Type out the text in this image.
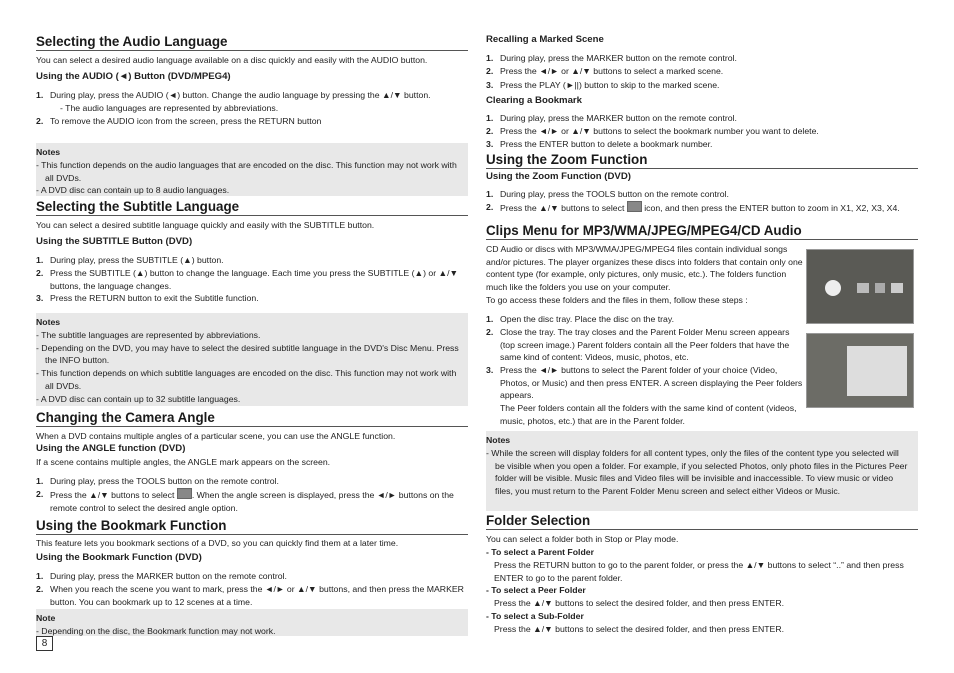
Selecting the Audio Language
You can select a desired audio language available on a disc quickly and easily with the AUDIO button.
Using the AUDIO (◄) Button (DVD/MPEG4)
1. During play, press the AUDIO (◄) button. Change the audio language by pressing the ▲/▼ button.
- The audio languages are represented by abbreviations.
2. To remove the AUDIO icon from the screen, press the RETURN button
Notes
- This function depends on the audio languages that are encoded on the disc. This function may not work with all DVDs.
- A DVD disc can contain up to 8 audio languages.
Selecting the Subtitle Language
You can select a desired subtitle language quickly and easily with the SUBTITLE button.
Using the SUBTITLE Button (DVD)
1. During play, press the SUBTITLE (▲) button.
2. Press the SUBTITLE (▲) button to change the language. Each time you press the SUBTITLE (▲) or ▲/▼ buttons, the language changes.
3. Press the RETURN button to exit the Subtitle function.
Notes
- The subtitle languages are represented by abbreviations.
- Depending on the DVD, you may have to select the desired subtitle language in the DVD's Disc Menu. Press the INFO button.
- This function depends on which subtitle languages are encoded on the disc. This function may not work with all DVDs.
- A DVD disc can contain up to 32 subtitle languages.
Changing the Camera Angle
When a DVD contains multiple angles of a particular scene, you can use the ANGLE function.
Using the ANGLE function (DVD)
If a scene contains multiple angles, the ANGLE mark appears on the screen.
1. During play, press the TOOLS button on the remote control.
2. Press the ▲/▼ buttons to select . When the angle screen is displayed, press the ◄/► buttons on the remote control to select the desired angle option.
Using the Bookmark Function
This feature lets you bookmark sections of a DVD, so you can quickly find them at a later time.
Using the Bookmark Function (DVD)
1. During play, press the MARKER button on the remote control.
2. When you reach the scene you want to mark, press the ◄/► or ▲/▼ buttons, and then press the MARKER button. You can bookmark up to 12 scenes at a time.
Note
- Depending on the disc, the Bookmark function may not work.
8
Recalling a Marked Scene
1. During play, press the MARKER button on the remote control.
2. Press the ◄/► or ▲/▼ buttons to select a marked scene.
3. Press the PLAY (►||) button to skip to the marked scene.
Clearing a Bookmark
1. During play, press the MARKER button on the remote control.
2. Press the ◄/► or ▲/▼ buttons to select the bookmark number you want to delete.
3. Press the ENTER button to delete a bookmark number.
Using the Zoom Function
Using the Zoom Function (DVD)
1. During play, press the TOOLS button on the remote control.
2. Press the ▲/▼ buttons to select icon, and then press the ENTER button to zoom in X1, X2, X3, X4.
Clips Menu for MP3/WMA/JPEG/MPEG4/CD Audio
CD Audio or discs with MP3/WMA/JPEG/MPEG4 files contain individual songs and/or pictures. The player organizes these discs into folders that contain only one content type (for example, only pictures, only music, etc.). The folders function much like the folders you use on your computer.
To go access these folders and the files in them, follow these steps :
1. Open the disc tray. Place the disc on the tray.
2. Close the tray. The tray closes and the Parent Folder Menu screen appears (top screen image.) Parent folders contain all the Peer folders that have the same kind of content: Videos, music, photos, etc.
3. Press the ◄/► buttons to select the Parent folder of your choice (Video, Photos, or Music) and then press ENTER. A screen displaying the Peer folders appears.
The Peer folders contain all the folders with the same kind of content (videos, music, photos, etc.) that are in the Parent folder.
Notes
- While the screen will display folders for all content types, only the files of the content type you selected will be visible when you open a folder. For example, if you selected Photos, only photo files in the Pictures Peer folder will be visible. Music files and Video files will be invisible and inaccessible. To view music or video files, you must return to the Parent Folder Menu screen and select either Videos or Music.
Folder Selection
You can select a folder both in Stop or Play mode.
- To select a Parent Folder
Press the RETURN button to go to the parent folder, or press the ▲/▼ buttons to select “..” and then press ENTER to go to the parent folder.
- To select a Peer Folder
Press the ▲/▼ buttons to select the desired folder, and then press ENTER.
- To select a Sub-Folder
Press the ▲/▼ buttons to select the desired folder, and then press ENTER.
